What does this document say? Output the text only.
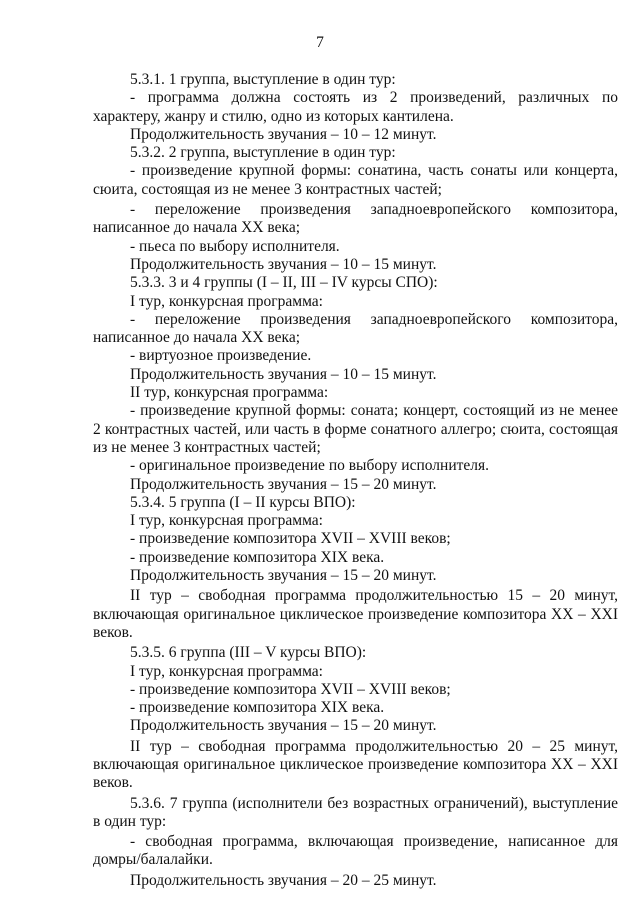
7

5.3.1. 1 группа, выступление в один тур:

- программа должна состоять из 2 произведений, различных по характеру, жанру и стилю, одно из которых кантилена.

Продолжительность звучания – 10 – 12 минут.

5.3.2. 2 группа, выступление в один тур:

- произведение крупной формы: сонатина, часть сонаты или концерта, сюита, состоящая из не менее 3 контрастных частей;

- переложение произведения западноевропейского композитора, написанное до начала XX века;

- пьеса по выбору исполнителя.

Продолжительность звучания – 10 – 15 минут.

5.3.3. 3 и 4 группы (I – II, III – IV курсы СПО):

I тур, конкурсная программа:

- переложение произведения западноевропейского композитора, написанное до начала XX века;

- виртуозное произведение.

Продолжительность звучания – 10 – 15 минут.

II тур, конкурсная программа:

- произведение крупной формы: соната; концерт, состоящий из не менее 2 контрастных частей, или часть в форме сонатного аллегро; сюита, состоящая из не менее 3 контрастных частей;

- оригинальное произведение по выбору исполнителя.

Продолжительность звучания – 15 – 20 минут.

5.3.4. 5 группа (I – II курсы ВПО):

I тур, конкурсная программа:

- произведение композитора XVII – XVIII веков;

- произведение композитора XIX века.

Продолжительность звучания – 15 – 20 минут.

II тур – свободная программа продолжительностью 15 – 20 минут, включающая оригинальное циклическое произведение композитора XX – XXI веков.

5.3.5. 6 группа (III – V курсы ВПО):

I тур, конкурсная программа:

- произведение композитора XVII – XVIII веков;

- произведение композитора XIX века.

Продолжительность звучания – 15 – 20 минут.

II тур – свободная программа продолжительностью 20 – 25 минут, включающая оригинальное циклическое произведение композитора XX – XXI веков.

5.3.6. 7 группа (исполнители без возрастных ограничений), выступление в один тур:

- свободная программа, включающая произведение, написанное для домры/балалайки.

Продолжительность звучания – 20 – 25 минут.
